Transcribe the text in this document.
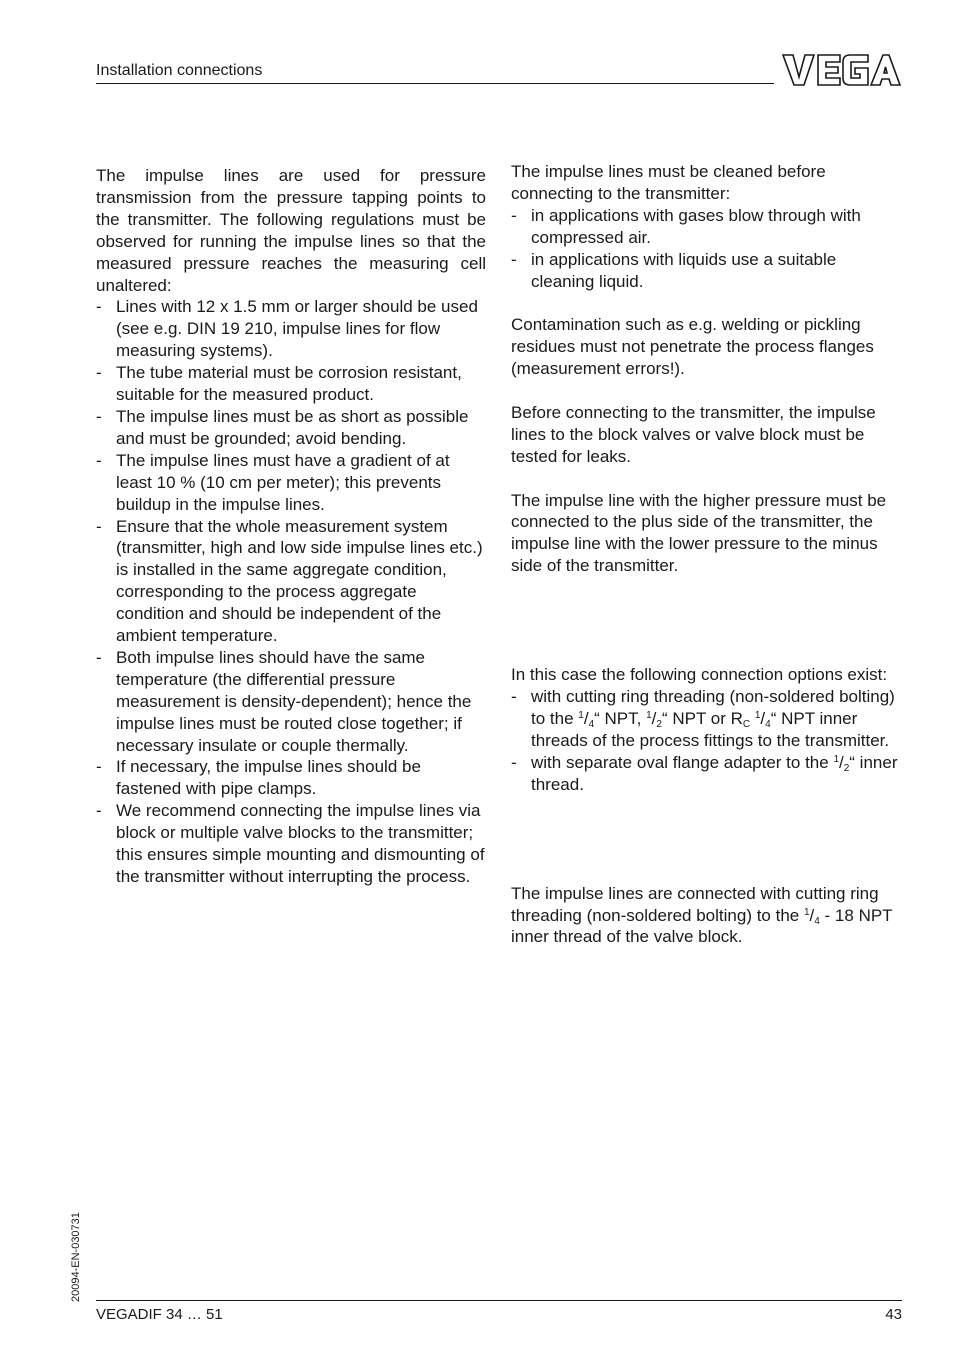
Installation connections

The impulse lines are used for pressure transmission from the pressure tapping points to the transmitter. The following regulations must be observed for running the impulse lines so that the measured pressure reaches the measuring cell unaltered:

- Lines with 12 x 1.5 mm or larger should be used (see e.g. DIN 19 210, impulse lines for flow measuring systems).
- The tube material must be corrosion resistant, suitable for the measured product.
- The impulse lines must be as short as possible and must be grounded; avoid bending.
- The impulse lines must have a gradient of at least 10 % (10 cm per meter); this prevents buildup in the impulse lines.
- Ensure that the whole measurement system (transmitter, high and low side impulse lines etc.) is installed in the same aggregate condition, corresponding to the process aggregate condition and should be independent of the ambient temperature.
- Both impulse lines should have the same temperature (the differential pressure measurement is density-dependent); hence the impulse lines must be routed close together; if necessary insulate or couple thermally.
- If necessary, the impulse lines should be fastened with pipe clamps.
- We recommend connecting the impulse lines via block or multiple valve blocks to the transmitter; this ensures simple mounting and dismounting of the transmitter without interrupting the process.

The impulse lines must be cleaned before connecting to the transmitter:

- in applications with gases blow through with compressed air.
- in applications with liquids use a suitable cleaning liquid.

Contamination such as e.g. welding or pickling residues must not penetrate the process flanges (measurement errors!).

Before connecting to the transmitter, the impulse lines to the block valves or valve block must be tested for leaks.

The impulse line with the higher pressure must be connected to the plus side of the transmitter, the impulse line with the lower pressure to the minus side of the transmitter.

In this case the following connection options exist:

- with cutting ring threading (non-soldered bolting) to the $^1/_4“$ NPT, $^1/_2“$ NPT or $R_C$ $^1/_4“$ NPT inner threads of the process fittings to the transmitter.
- with separate oval flange adapter to the $^1/_2“$ inner thread.

The impulse lines are connected with cutting ring threading (non-soldered bolting) to the $^1/_4 - 18$ NPT inner thread of the valve block.

20094-EN-030731
VEGADIF 34 … 51	43
